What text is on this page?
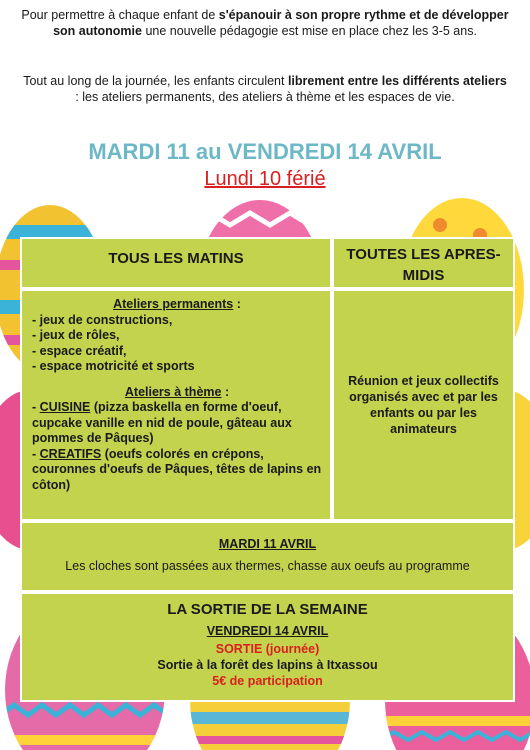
Pour permettre à chaque enfant de s'épanouir à son propre rythme et de développer son autonomie une nouvelle pédagogie est mise en place chez les 3-5 ans.
Tout au long de la journée, les enfants circulent librement entre les différents ateliers : les ateliers permanents, des ateliers à thème et les espaces de vie.
MARDI 11 au VENDREDI 14 AVRIL
Lundi 10 férié
TOUS LES MATINS	TOUTES LES APRES-MIDIS
Ateliers permanents :
- jeux de constructions,
- jeux de rôles,
- espace créatif,
- espace motricité et sports
Ateliers à thème :
- CUISINE (pizza baskella en forme d'oeuf, cupcake vanille en nid de poule, gâteau aux pommes de Pâques)
- CREATIFS (oeufs colorés en crépons, couronnes d'oeufs de Pâques, têtes de lapins en côton)
Réunion et jeux collectifs organisés avec et par les enfants ou par les animateurs
MARDI 11 AVRIL
Les cloches sont passées aux thermes, chasse aux oeufs au programme
LA SORTIE DE LA SEMAINE
VENDREDI 14 AVRIL
SORTIE (journée)
Sortie à la forêt des lapins à Itxassou
5€ de participation
